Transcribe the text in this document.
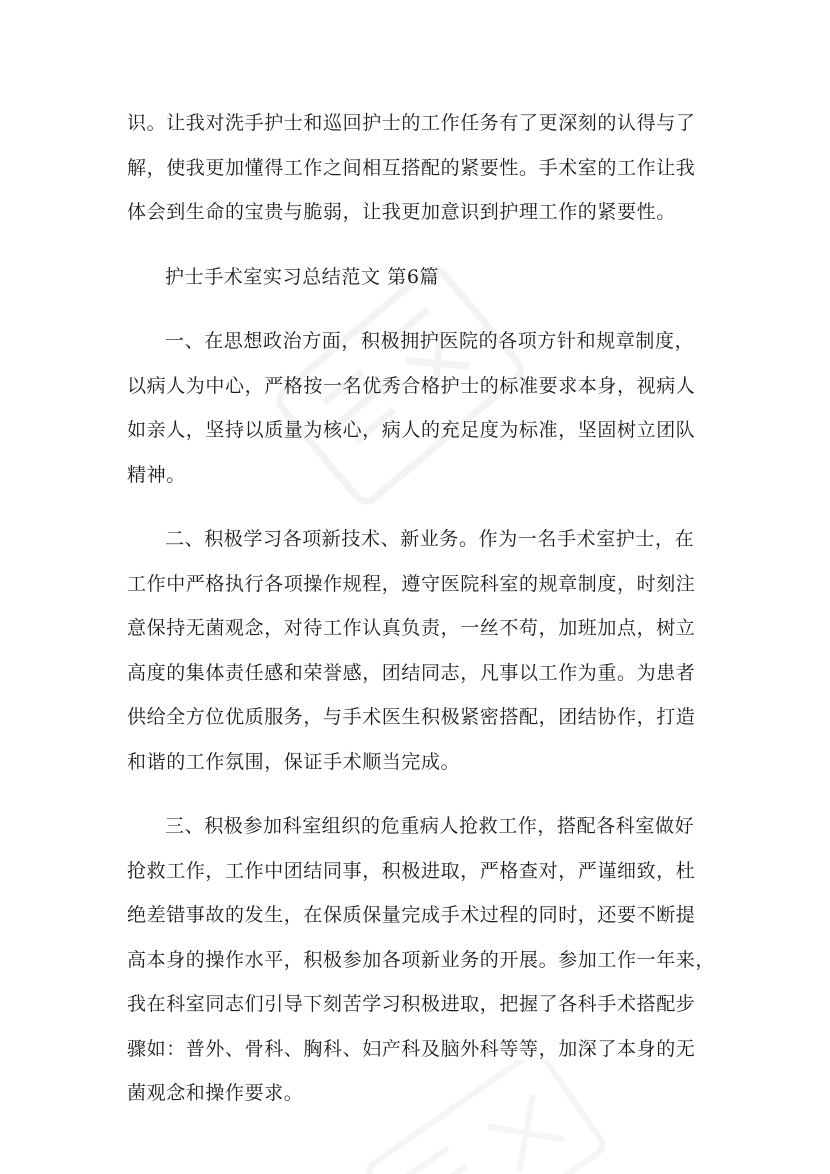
识。让我对洗手护士和巡回护士的工作任务有了更深刻的认得与了
解，使我更加懂得工作之间相互搭配的紧要性。手术室的工作让我
体会到生命的宝贵与脆弱，让我更加意识到护理工作的紧要性。
护士手术室实习总结范文 第6篇
一、在思想政治方面，积极拥护医院的各项方针和规章制度，
以病人为中心，严格按一名优秀合格护士的标准要求本身，视病人
如亲人，坚持以质量为核心，病人的充足度为标准，坚固树立团队
精神。
二、积极学习各项新技术、新业务。作为一名手术室护士，在
工作中严格执行各项操作规程，遵守医院科室的规章制度，时刻注
意保持无菌观念，对待工作认真负责，一丝不苟，加班加点，树立
高度的集体责任感和荣誉感，团结同志，凡事以工作为重。为患者
供给全方位优质服务，与手术医生积极紧密搭配，团结协作，打造
和谐的工作氛围，保证手术顺当完成。
三、积极参加科室组织的危重病人抢救工作，搭配各科室做好
抢救工作，工作中团结同事，积极进取，严格查对，严谨细致，杜
绝差错事故的发生，在保质保量完成手术过程的同时，还要不断提
高本身的操作水平，积极参加各项新业务的开展。参加工作一年来，
我在科室同志们引导下刻苦学习积极进取，把握了各科手术搭配步
骤如：普外、骨科、胸科、妇产科及脑外科等等，加深了本身的无
菌观念和操作要求。
